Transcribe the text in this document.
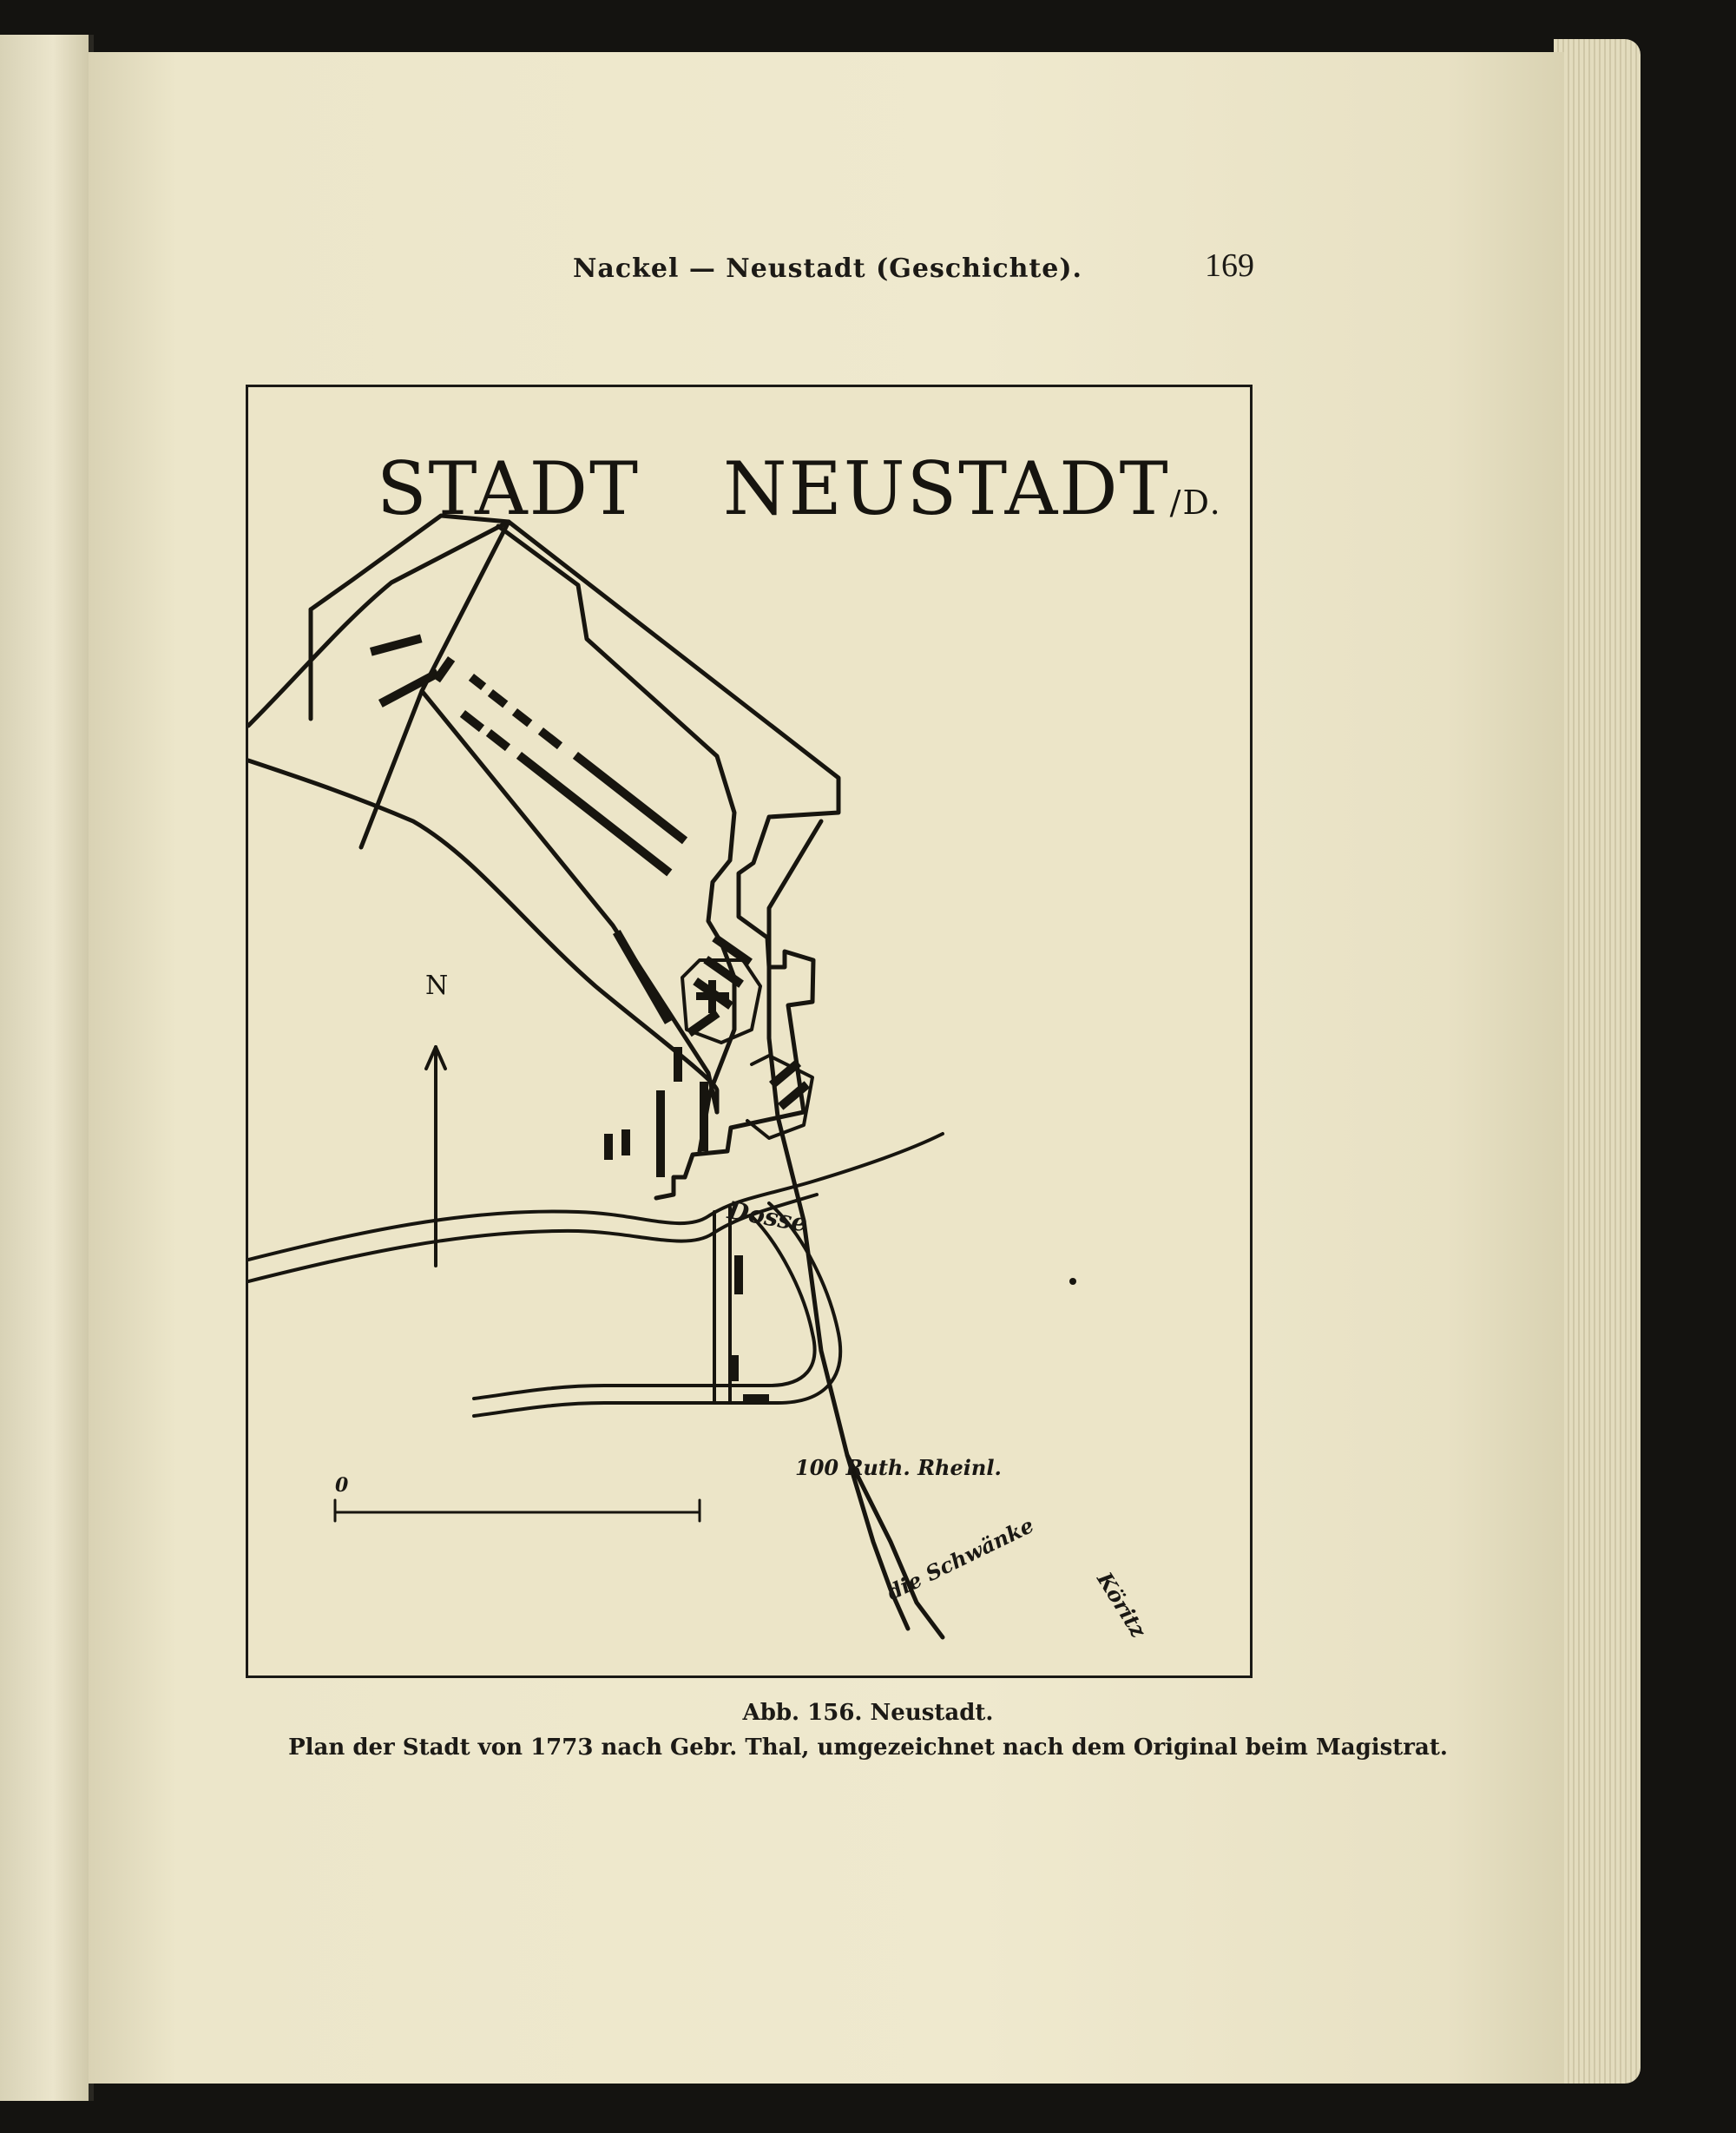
Nackel — Neustadt (Geschichte).	169
STADT NEUSTADT/D.
N
Dosse
0
100 Ruth. Rheinl.
die Schwänke	Köritz
Abb. 156. Neustadt.
Plan der Stadt von 1773 nach Gebr. Thal, umgezeichnet nach dem Original beim Magistrat.
